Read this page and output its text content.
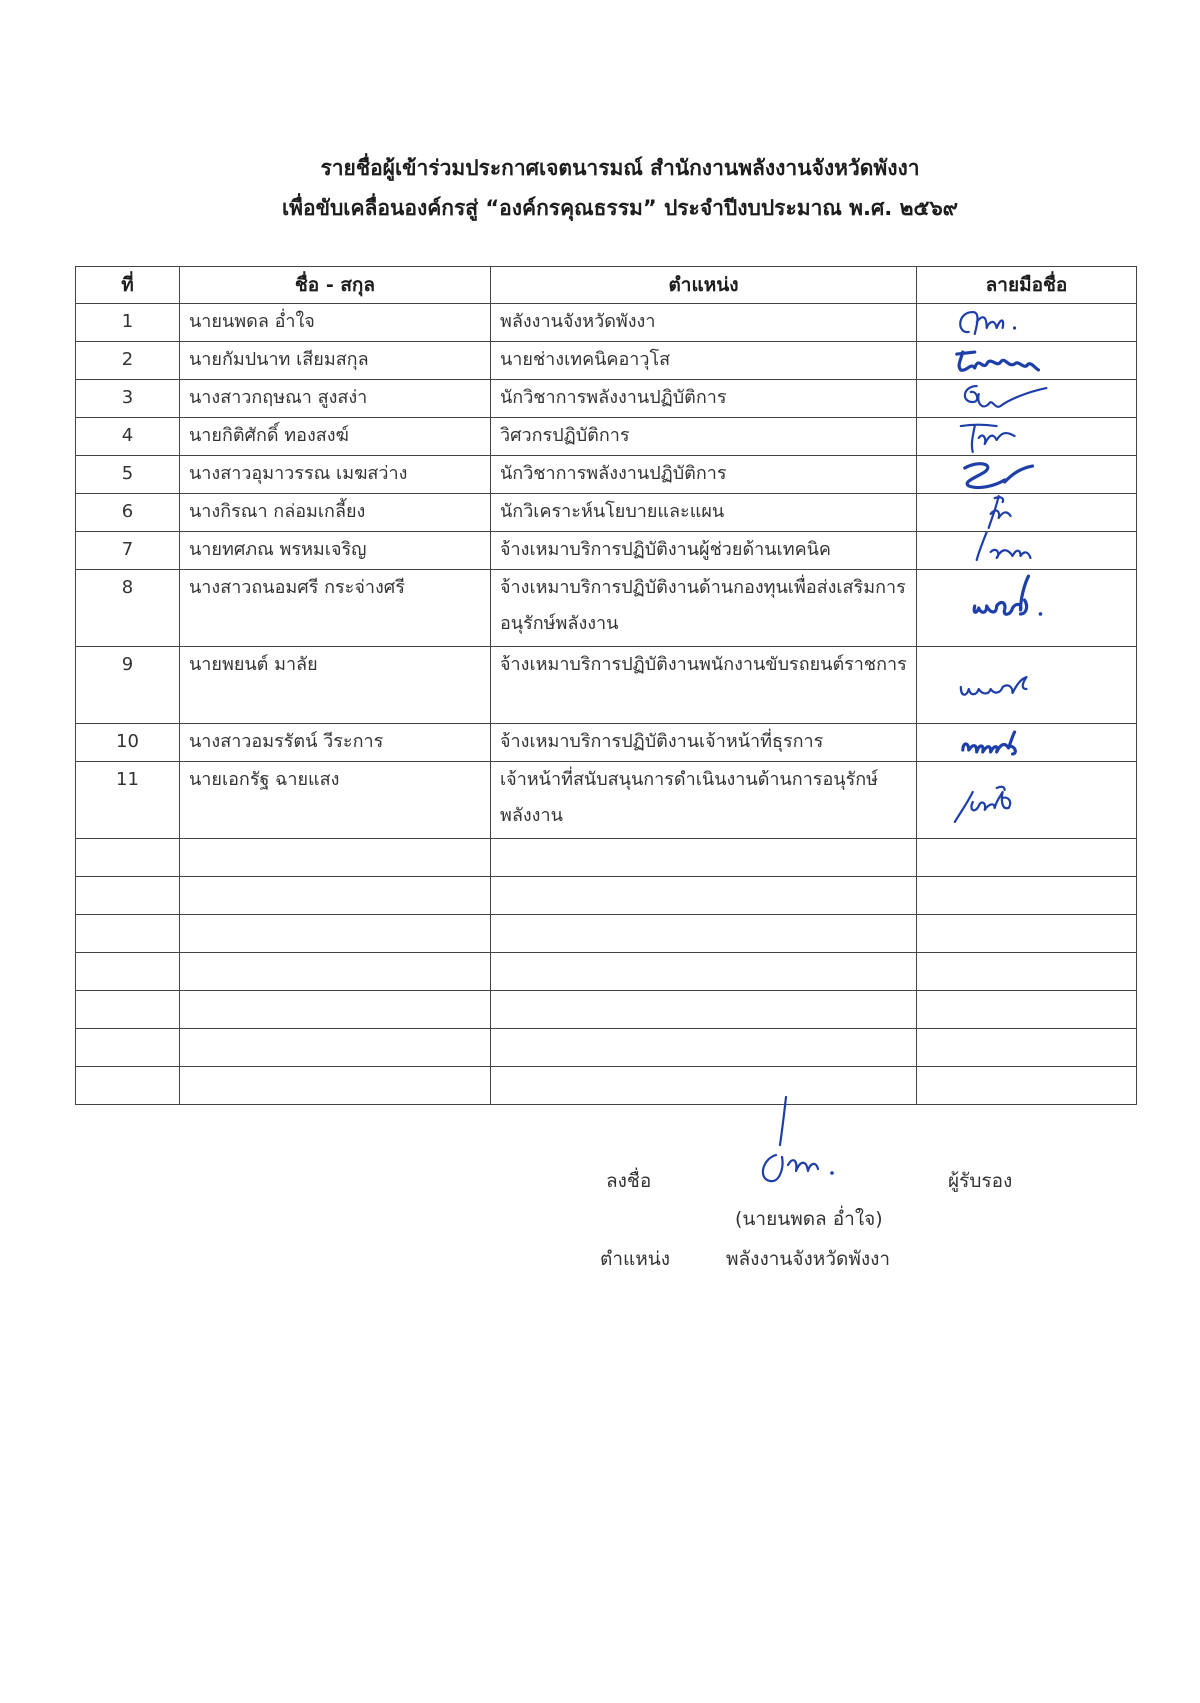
รายชื่อผู้เข้าร่วมประกาศเจตนารมณ์ สำนักงานพลังงานจังหวัดพังงา
เพื่อขับเคลื่อนองค์กรสู่ “องค์กรคุณธรรม” ประจำปีงบประมาณ พ.ศ. ๒๕๖๙
ที่	ชื่อ - สกุล	ตำแหน่ง	ลายมือชื่อ
1	นายนพดล อ่ำใจ	พลังงานจังหวัดพังงา	

2	นายกัมปนาท เสียมสกุล	นายช่างเทคนิคอาวุโส	

3	นางสาวกฤษณา สูงสง่า	นักวิชาการพลังงานปฏิบัติการ	

4	นายกิติศักดิ์ ทองสงฆ์	วิศวกรปฏิบัติการ	

5	นางสาวอุมาวรรณ เมฆสว่าง	นักวิชาการพลังงานปฏิบัติการ	

6	นางกิรณา กล่อมเกลี้ยง	นักวิเคราะห์นโยบายและแผน	

7	นายทศภณ พรหมเจริญ	จ้างเหมาบริการปฏิบัติงานผู้ช่วยด้านเทคนิค	

8	นางสาวถนอมศรี กระจ่างศรี	จ้างเหมาบริการปฏิบัติงานด้านกองทุนเพื่อส่งเสริมการอนุรักษ์พลังงาน	

9	นายพยนต์ มาลัย	จ้างเหมาบริการปฏิบัติงานพนักงานขับรถยนต์ราชการ	

10	นางสาวอมรรัตน์ วีระการ	จ้างเหมาบริการปฏิบัติงานเจ้าหน้าที่ธุรการ	

11	นายเอกรัฐ ฉายแสง	เจ้าหน้าที่สนับสนุนการดำเนินงานด้านการอนุรักษ์พลังงาน	

ลงชื่อ	ผู้รับรอง
(นายนพดล อ่ำใจ)
ตำแหน่ง	พลังงานจังหวัดพังงา
